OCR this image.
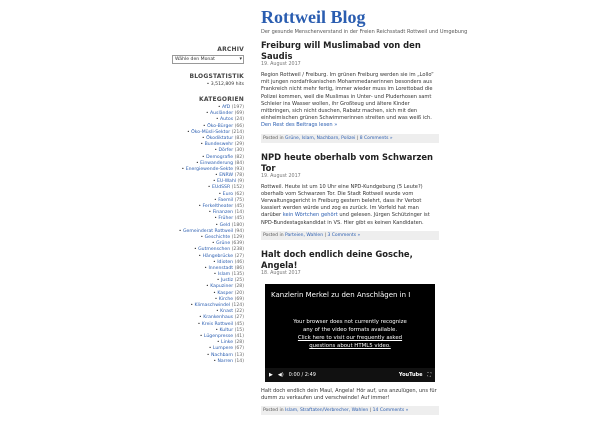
Rottweil Blog
Der gesunde Menschenverstand in der Freien Reichsstadt Rottweil und Umgebung
ARCHIV
Wähle den Monat	▾
BLOGSTATISTIK
• 3,512,809 hits
KATEGORIEN
• AfD (197)
• Ausländer (69)
• Autos (24)
• Öko-Bürger (66)
• Öko-Müsli-Sektor (214)
• Ökodiktatur (83)
• Bundeswehr (29)
• Dörfer (30)
• Demografie (82)
• Einwanderung (84)
• Energiewende-Sekte (93)
• ENRW (78)
• EU-Wahl (9)
• EUdSSR (152)
• Euro (62)
• Faemil (75)
• Ferkeltheater (45)
• Finanzen (14)
• Früher (45)
• Geld (180)
• Gemeinderat Rottweil (94)
• Geschichte (129)
• Grüne (639)
• Gutmenschen (238)
• Hängebrücke (27)
• Idioten (46)
• Innenstadt (86)
• Islam (135)
• Justiz (25)
• Kapuziner (28)
• Kasper (20)
• Kirche (69)
• Klimaschwindel (124)
• Knast (22)
• Krankenhaus (27)
• Kreis Rottweil (45)
• Kultur (15)
• Lügenpresse (41)
• Linke (28)
• Lumpere (67)
• Nachbarn (13)
• Narren (14)
Freiburg will Muslimabad von den Saudis
19. August 2017

Region Rottweil / Freiburg. Im grünen Freiburg werden sie im „Lollo“ mit jungen nordafrikanischen Mohammedanerinnen besonders aus Frankreich nicht mehr fertig, immer wieder muss im Lorettobad die Polizei kommen, weil die Muslimas in Unter- und Pluderhosen samt Schleier ins Wasser wollen, ihr Großteug und ältere Kinder mitbringen, sich nicht duschen, Rabatz machen, sich mit den einheimischen grünen Schwimmerinnen streiten und was weiß ich. Den Rest des Beitrags lesen »

Posted in Grüne, Islam, Nachbarn, Polizei | 8 Comments »
NPD heute oberhalb vom Schwarzen Tor
19. August 2017

Rottweil. Heute ist um 10 Uhr eine NPD-Kundgebung (5 Leute?) oberhalb vom Schwarzen Tor. Die Stadt Rottweil wurde vom Verwaltungsgericht in Freiburg gestern belehrt, dass ihr Verbot kassiert werden würde und zog es zurück. Im Vorfeld hat man darüber kein Wörtchen gehört und gelesen. Jürgen Schützinger ist NPD-Bundestagskandidat in VS. Hier gibt es keinen Kandidaten.

Posted in Parteien, Wahlen | 3 Comments »
Halt doch endlich deine Gosche, Angela!
18. August 2017
Kanzlerin Merkel zu den Anschlägen in I
Your browser does not currently recognize
any of the video formats available.
Click here to visit our frequently asked
questions about HTML5 video.
▶ ◀) 0:00 / 2:49	YouTube ⛶

Halt doch endlich dein Maul, Angela! Hör auf, uns anzulügen, uns für dumm zu verkaufen und verschwinde! Auf immer!

Posted in Islam, Straftaten/Verbrecher, Wahlen | 14 Comments »
